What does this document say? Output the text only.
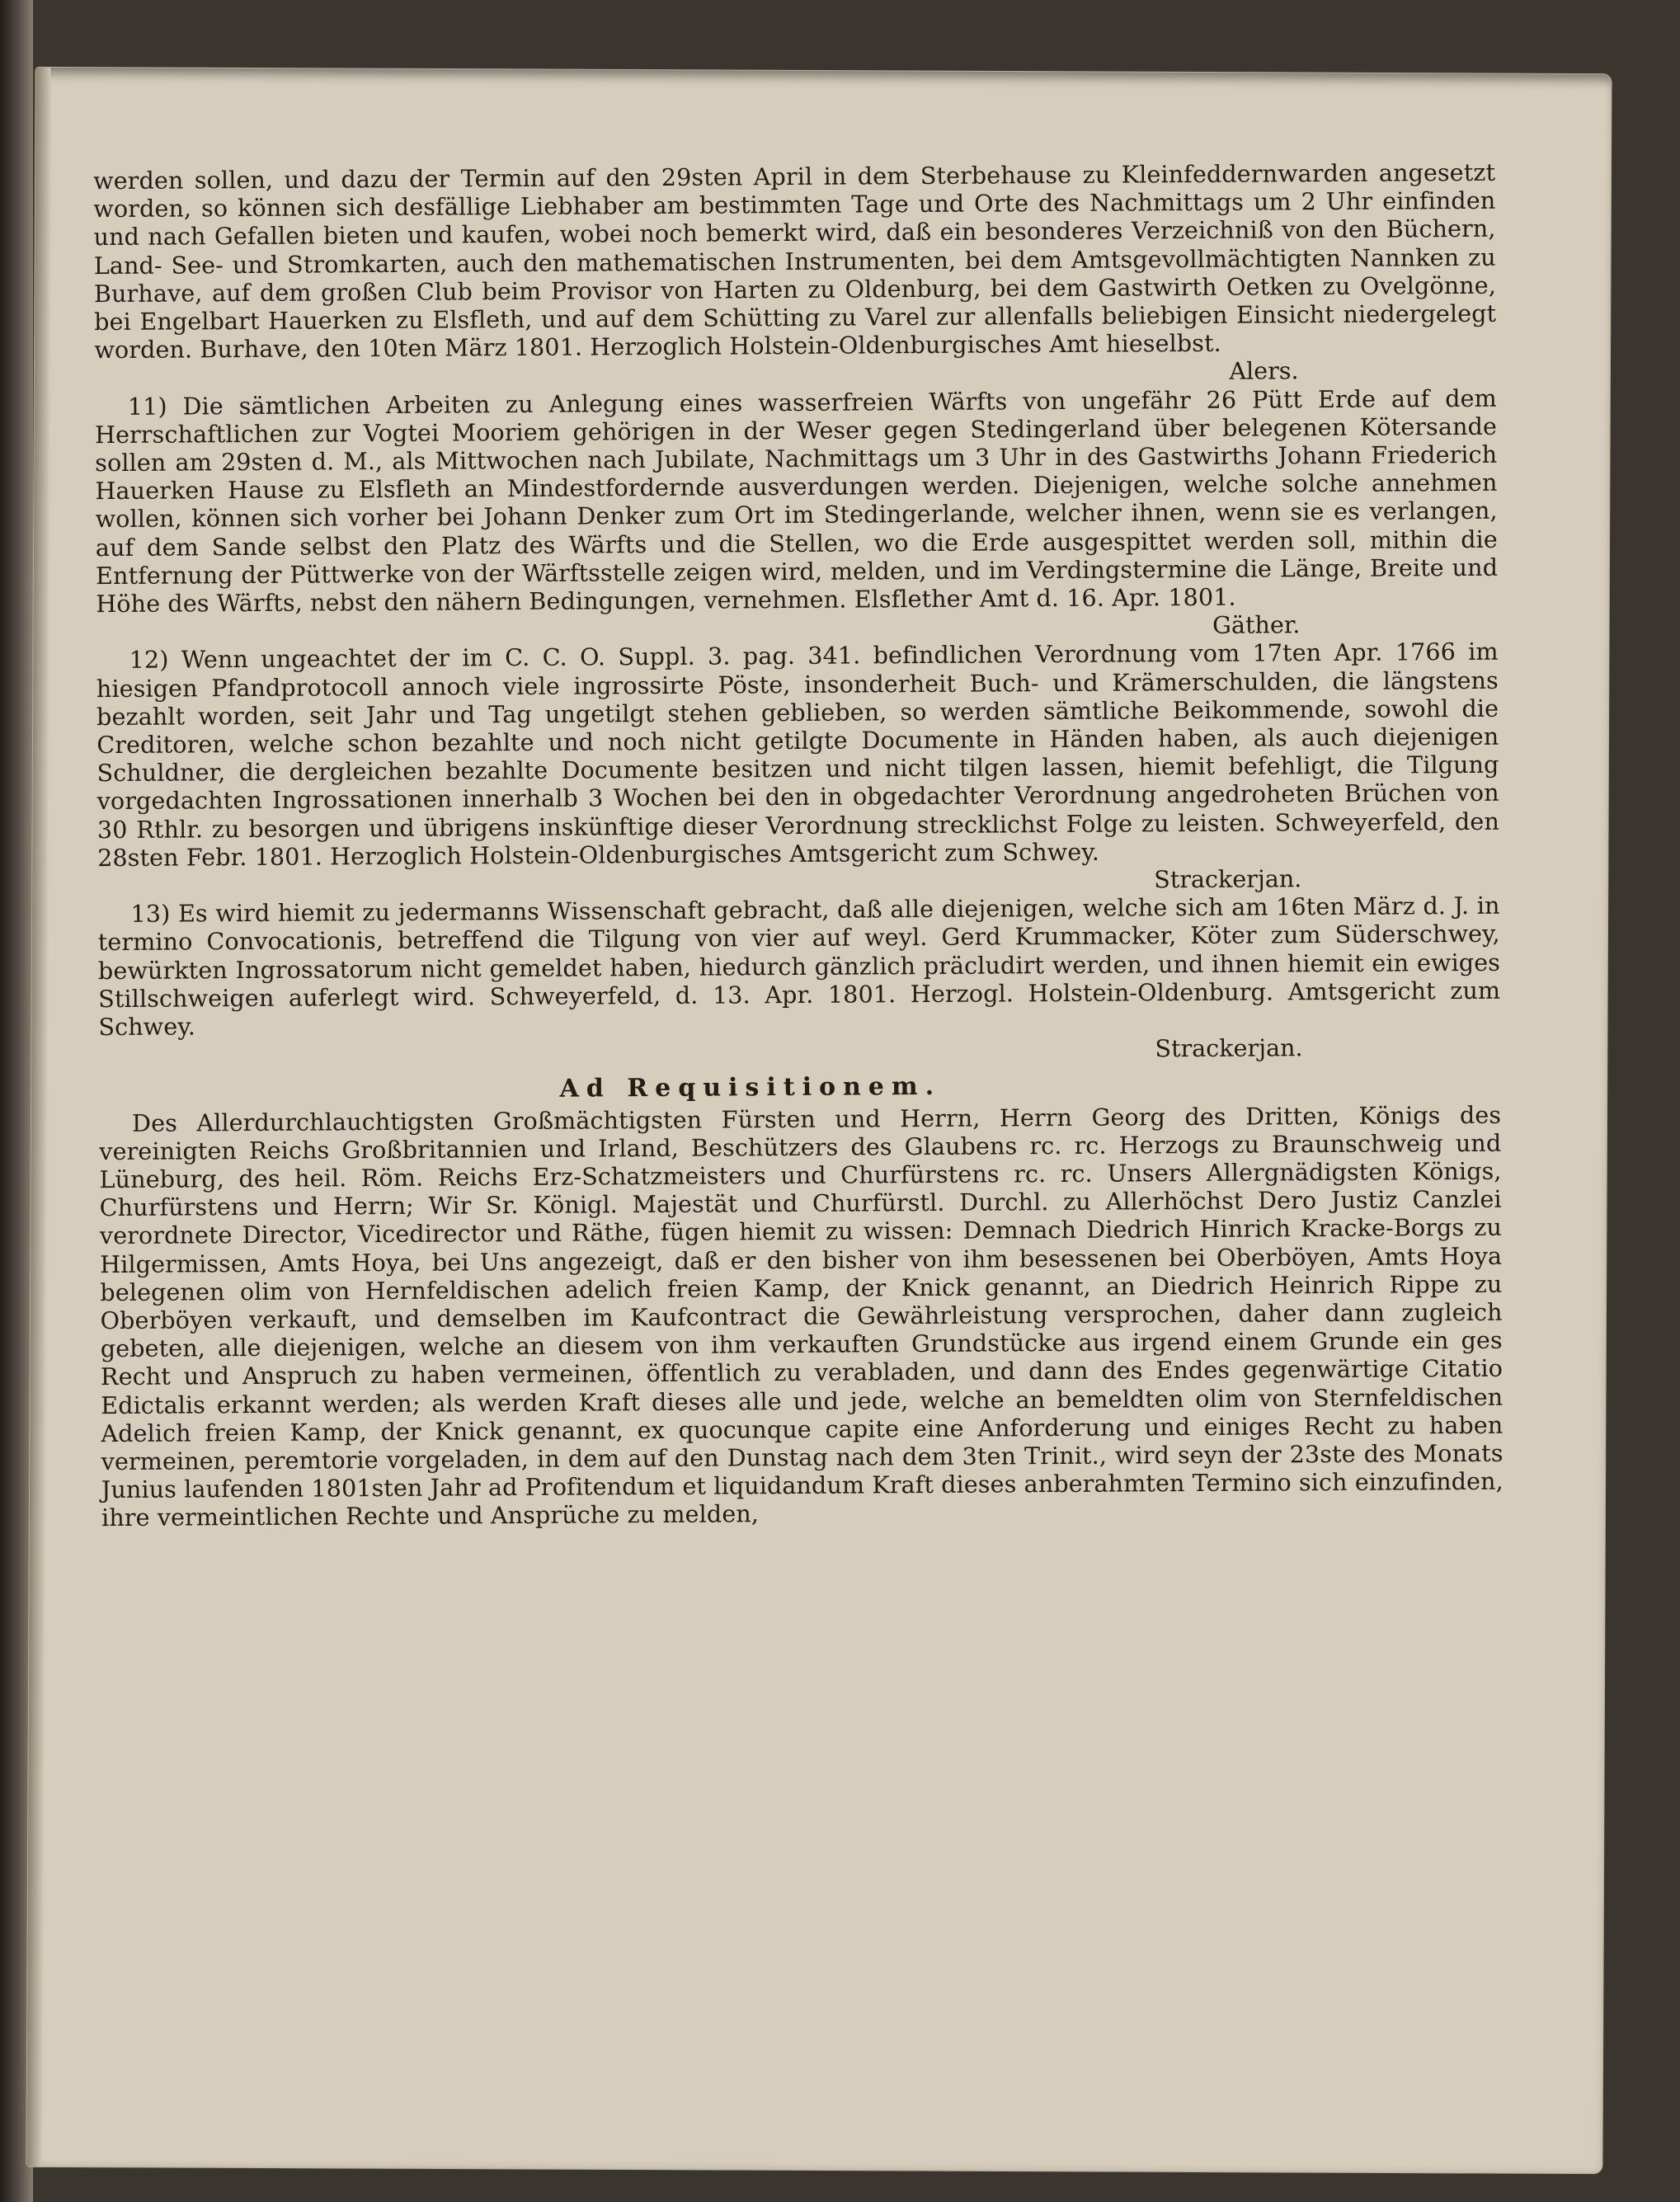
werden sollen, und dazu der Termin auf den 29sten April in dem Sterbehause zu Kleinfeddernwarden angesetzt worden, so können sich desfällige Liebhaber am bestimmten Tage und Orte des Nachmittags um 2 Uhr einfinden und nach Gefallen bieten und kaufen, wobei noch bemerkt wird, daß ein besonderes Verzeichniß von den Büchern, Land- See- und Stromkarten, auch den mathematischen Instrumenten, bei dem Amtsgevollmächtigten Nannken zu Burhave, auf dem großen Club beim Provisor von Harten zu Oldenburg, bei dem Gastwirth Oetken zu Ovelgönne, bei Engelbart Hauerken zu Elsfleth, und auf dem Schütting zu Varel zur allenfalls beliebigen Einsicht niedergelegt worden. Burhave, den 10ten März 1801. Herzoglich Holstein-Oldenburgisches Amt hieselbst.

Alers.

11) Die sämtlichen Arbeiten zu Anlegung eines wasserfreien Wärfts von ungefähr 26 Pütt Erde auf dem Herrschaftlichen zur Vogtei Mooriem gehörigen in der Weser gegen Stedingerland über belegenen Kötersande sollen am 29sten d. M., als Mittwochen nach Jubilate, Nachmittags um 3 Uhr in des Gastwirths Johann Friederich Hauerken Hause zu Elsfleth an Mindestfordernde ausverdungen werden. Diejenigen, welche solche annehmen wollen, können sich vorher bei Johann Denker zum Ort im Stedingerlande, welcher ihnen, wenn sie es verlangen, auf dem Sande selbst den Platz des Wärfts und die Stellen, wo die Erde ausgespittet werden soll, mithin die Entfernung der Püttwerke von der Wärftsstelle zeigen wird, melden, und im Verdingstermine die Länge, Breite und Höhe des Wärfts, nebst den nähern Bedingungen, vernehmen. Elsflether Amt d. 16. Apr. 1801.

Gäther.

12) Wenn ungeachtet der im C. C. O. Suppl. 3. pag. 341. befindlichen Verordnung vom 17ten Apr. 1766 im hiesigen Pfandprotocoll annoch viele ingrossirte Pöste, insonderheit Buch- und Krämerschulden, die längstens bezahlt worden, seit Jahr und Tag ungetilgt stehen geblieben, so werden sämtliche Beikommende, sowohl die Creditoren, welche schon bezahlte und noch nicht getilgte Documente in Händen haben, als auch diejenigen Schuldner, die dergleichen bezahlte Documente besitzen und nicht tilgen lassen, hiemit befehligt, die Tilgung vorgedachten Ingrossationen innerhalb 3 Wochen bei den in obgedachter Verordnung angedroheten Brüchen von 30 Rthlr. zu besorgen und übrigens inskünftige dieser Verordnung strecklichst Folge zu leisten. Schweyerfeld, den 28sten Febr. 1801. Herzoglich Holstein-Oldenburgisches Amtsgericht zum Schwey.

Strackerjan.

13) Es wird hiemit zu jedermanns Wissenschaft gebracht, daß alle diejenigen, welche sich am 16ten März d. J. in termino Convocationis, betreffend die Tilgung von vier auf weyl. Gerd Krummacker, Köter zum Süderschwey, bewürkten Ingrossatorum nicht gemeldet haben, hiedurch gänzlich präcludirt werden, und ihnen hiemit ein ewiges Stillschweigen auferlegt wird. Schweyerfeld, d. 13. Apr. 1801. Herzogl. Holstein-Oldenburg. Amtsgericht zum Schwey.

Strackerjan.

Ad Requisitionem.

Des Allerdurchlauchtigsten Großmächtigsten Fürsten und Herrn, Herrn Georg des Dritten, Königs des vereinigten Reichs Großbritannien und Irland, Beschützers des Glaubens rc. rc. Herzogs zu Braunschweig und Lüneburg, des heil. Röm. Reichs Erz-Schatzmeisters und Churfürstens rc. rc. Unsers Allergnädigsten Königs, Churfürstens und Herrn; Wir Sr. Königl. Majestät und Churfürstl. Durchl. zu Allerhöchst Dero Justiz Canzlei verordnete Director, Vicedirector und Räthe, fügen hiemit zu wissen: Demnach Diedrich Hinrich Kracke-Borgs zu Hilgermissen, Amts Hoya, bei Uns angezeigt, daß er den bisher von ihm besessenen bei Oberböyen, Amts Hoya belegenen olim von Hernfeldischen adelich freien Kamp, der Knick genannt, an Diedrich Heinrich Rippe zu Oberböyen verkauft, und demselben im Kaufcontract die Gewährleistung versprochen, daher dann zugleich gebeten, alle diejenigen, welche an diesem von ihm verkauften Grundstücke aus irgend einem Grunde ein ges Recht und Anspruch zu haben vermeinen, öffentlich zu verabladen, und dann des Endes gegenwärtige Citatio Edictalis erkannt werden; als werden Kraft dieses alle und jede, welche an bemeldten olim von Sternfeldischen Adelich freien Kamp, der Knick genannt, ex quocunque capite eine Anforderung und einiges Recht zu haben vermeinen, peremtorie vorgeladen, in dem auf den Dunstag nach dem 3ten Trinit., wird seyn der 23ste des Monats Junius laufenden 1801sten Jahr ad Profitendum et liquidandum Kraft dieses anberahmten Termino sich einzufinden, ihre vermeintlichen Rechte und Ansprüche zu melden,
